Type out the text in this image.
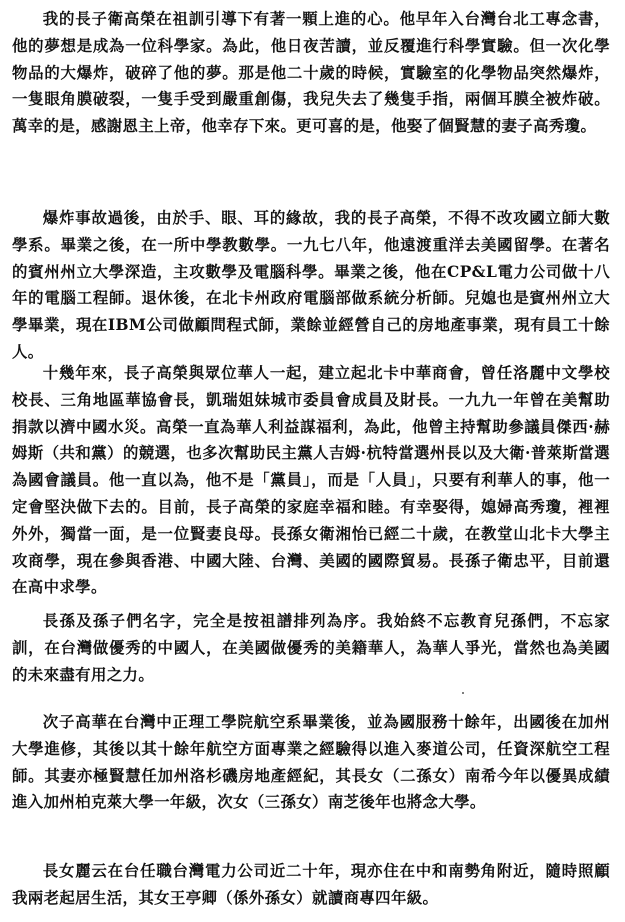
我的長子衛高榮在祖訓引導下有著一顆上進的心。他早年入台灣台北工專念書，他的夢想是成為一位科學家。為此，他日夜苦讀，並反覆進行科學實驗。但一次化學物品的大爆炸，破碎了他的夢。那是他二十歲的時候，實驗室的化學物品突然爆炸，一隻眼角膜破裂，一隻手受到嚴重創傷，我兒失去了幾隻手指，兩個耳膜全被炸破。萬幸的是，感謝恩主上帝，他幸存下來。更可喜的是，他娶了個賢慧的妻子高秀瓊。

爆炸事故過後，由於手、眼、耳的緣故，我的長子高榮，不得不改攻國立師大數學系。畢業之後，在一所中學教數學。一九七八年，他遠渡重洋去美國留學。在著名的賓州州立大學深造，主攻數學及電腦科學。畢業之後，他在CP&L電力公司做十八年的電腦工程師。退休後，在北卡州政府電腦部做系統分析師。兒媳也是賓州州立大學畢業，現在IBM公司做顧問程式師，業餘並經營自己的房地產事業，現有員工十餘人。

十幾年來，長子高榮與眾位華人一起，建立起北卡中華商會，曾任洛麗中文學校校長、三角地區華協會長，凱瑞姐妹城市委員會成員及財長。一九九一年曾在美幫助捐款以濟中國水災。高榮一直為華人利益謀福利，為此，他曾主持幫助參議員傑西·赫姆斯（共和黨）的競選，也多次幫助民主黨人吉姆·杭特當選州長以及大衛·普萊斯當選為國會議員。他一直以為，他不是「黨員」，而是「人員」，只要有利華人的事，他一定會堅決做下去的。目前，長子高榮的家庭幸福和睦。有幸娶得，媳婦高秀瓊，裡裡外外，獨當一面，是一位賢妻良母。長孫女衛湘怡已經二十歲，在教堂山北卡大學主攻商學，現在參與香港、中國大陸、台灣、美國的國際貿易。長孫子衛忠平，目前還在高中求學。

長孫及孫子們名字，完全是按祖譜排列為序。我始終不忘教育兒孫們，不忘家訓，在台灣做優秀的中國人，在美國做優秀的美籍華人，為華人爭光，當然也為美國的未來盡有用之力。

次子高華在台灣中正理工學院航空系畢業後，並為國服務十餘年，出國後在加州大學進修，其後以其十餘年航空方面專業之經驗得以進入麥道公司，任資深航空工程師。其妻亦極賢慧任加州洛杉磯房地產經紀，其長女（二孫女）南希今年以優異成績進入加州柏克萊大學一年級，次女（三孫女）南芝後年也將念大學。

長女麗云在台任職台灣電力公司近二十年，現亦住在中和南勢角附近，隨時照顧我兩老起居生活，其女王亭卿（係外孫女）就讀商專四年級。
